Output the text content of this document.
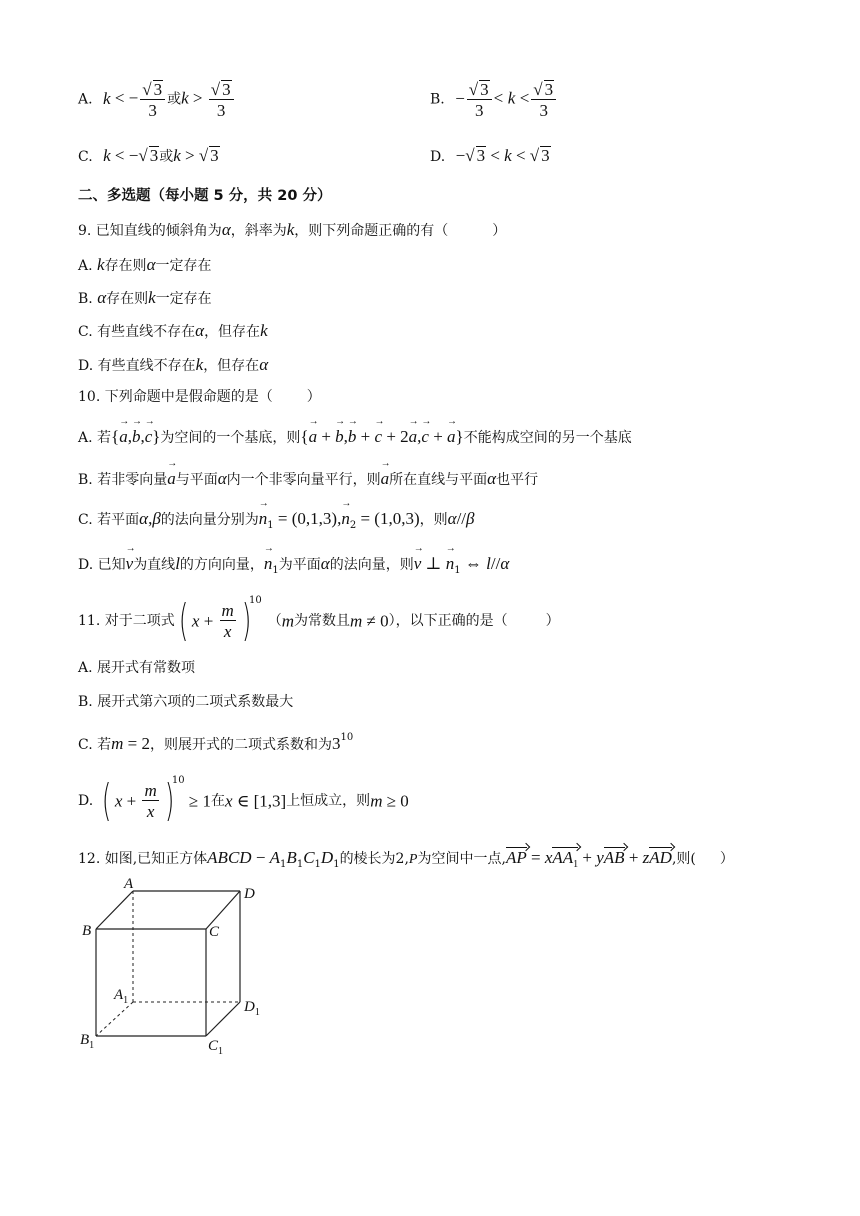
A. k < − $\frac{√ 3}{3}$ 或$k > \frac{√ 3}{3}$	B. − $\frac{√ 3}{3} < k < \frac{√ 3}{3}$
C. k < −√ 3或k > √ 3	D. −√ 3 < k < √ 3
二、多选题（每小题 5 分，共 20 分）
9. 已知直线的倾斜角为α，斜率为k，则下列命题正确的有（	）
A. k存在则α一定存在
B. α存在则k一定存在
C. 有些直线不存在α，但存在k
D. 有些直线不存在k，但存在α
10. 下列命题中是假命题的是（ ）
A. 若{→ a,→ b,→ c}为空间的一个基底，则{→ a + → b,→ b + → c + 2→ a,→ c + → a}不能构成空间的另一个基底
B. 若非零向量→ a与平面α内一个非零向量平行，则→ a所在直线与平面α也平行
C. 若平面α,β的法向量分别为→ $n_1 = (0,1,3),\to n_2 = (1,0,3)$，则α//β
D. 已知→ v为直线l的方向向量，→ $n_1$为平面α的法向量，则→ v ⊥ → $n_1$ ⇔ l//α
11. 对于二项式( $x + \frac{m}{x} )^{10}(m$为常数且m ≠ 0），以下正确的是（	）
A. 展开式有常数项
B. 展开式第六项的二项式系数最大
C. 若m = 2，则展开式的二项式系数和为$3^{10}$
D. ( $x + \frac{m}{x} )^{10} \ge 1$在x ∈ [1,3]上恒成立，则m ≥ 0
12. 如图,已知正方体ABCD − $A_1B_1C_1D_1$的棱长为2,P为空间中一点,AP = xAA$_1$ + yAB + zAD,则( ）
A
D
B	C
$A_1$	$D_1$
$B_1$	$C_1$
